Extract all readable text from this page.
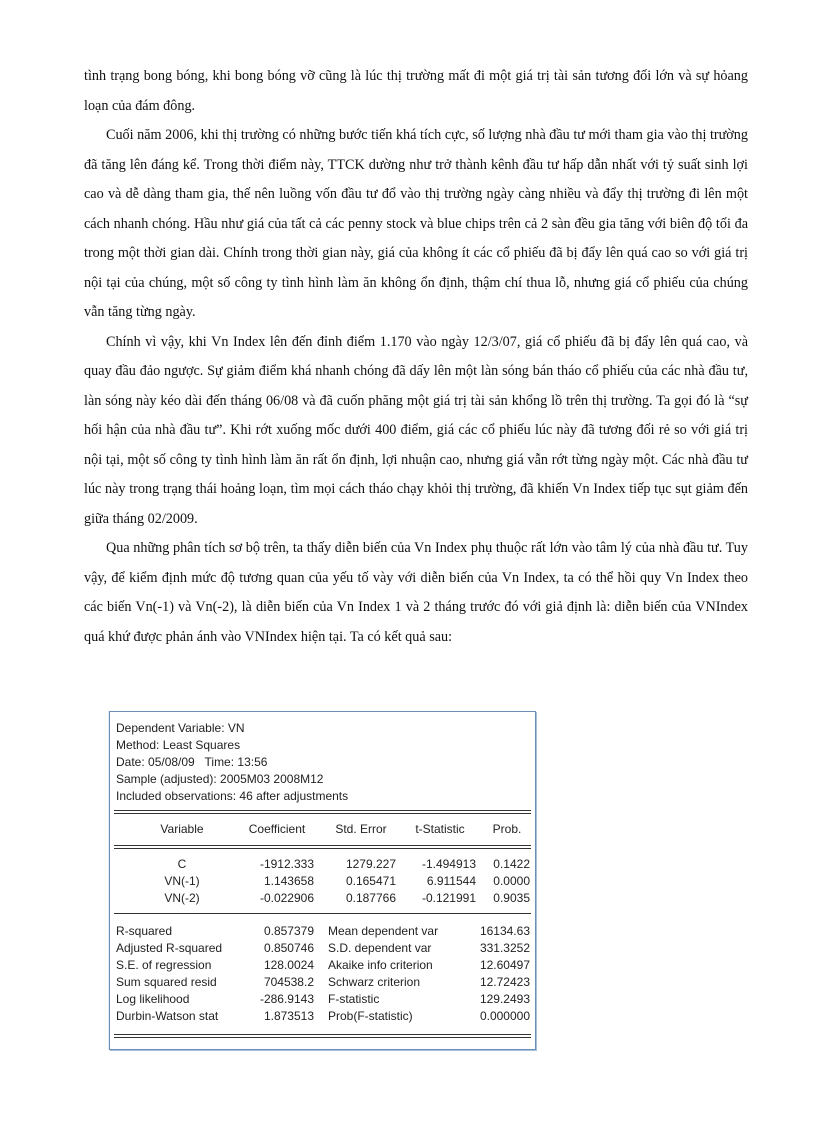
tình trạng bong bóng, khi bong bóng vỡ cũng là lúc thị trường mất đi một giá trị tài sản tương đối lớn và sự hỏang loạn của đám đông.

Cuối năm 2006, khi thị trường có những bước tiến khá tích cực, số lượng nhà đầu tư mới tham gia vào thị trường đã tăng lên đáng kể. Trong thời điểm này, TTCK dường như trở thành kênh đầu tư hấp dẫn nhất với tỷ suất sinh lợi cao và dễ dàng tham gia, thế nên luồng vốn đầu tư đổ vào thị trường ngày càng nhiều và đẩy thị trường đi lên một cách nhanh chóng. Hầu như giá của tất cả các penny stock và blue chips trên cả 2 sàn đều gia tăng với biên độ tối đa trong một thời gian dài. Chính trong thời gian này, giá của không ít các cổ phiếu đã bị đẩy lên quá cao so với giá trị nội tại của chúng, một số công ty tình hình làm ăn không ổn định, thậm chí thua lỗ, nhưng giá cổ phiếu của chúng vẫn tăng từng ngày.

Chính vì vậy, khi Vn Index lên đến đỉnh điểm 1.170 vào ngày 12/3/07, giá cổ phiếu đã bị đẩy lên quá cao, và quay đầu đảo ngược. Sự giảm điểm khá nhanh chóng đã dấy lên một làn sóng bán tháo cổ phiếu của các nhà đầu tư, làn sóng này kéo dài đến tháng 06/08 và đã cuốn phăng một giá trị tài sản khổng lồ trên thị trường. Ta gọi đó là “sự hối hận của nhà đầu tư”. Khi rớt xuống mốc dưới 400 điểm, giá các cổ phiếu lúc này đã tương đối rẻ so với giá trị nội tại, một số công ty tình hình làm ăn rất ổn định, lợi nhuận cao, nhưng giá vẫn rớt từng ngày một. Các nhà đầu tư lúc này trong trạng thái hoảng loạn, tìm mọi cách tháo chạy khỏi thị trường, đã khiến Vn Index tiếp tục sụt giảm đến giữa tháng 02/2009.

Qua những phân tích sơ bộ trên, ta thấy diễn biến của Vn Index phụ thuộc rất lớn vào tâm lý của nhà đầu tư. Tuy vậy, để kiểm định mức độ tương quan của yếu tố vày với diễn biến của Vn Index, ta có thể hồi quy Vn Index theo các biến Vn(-1) và Vn(-2), là diễn biến của Vn Index 1 và 2 tháng trước đó với giả định là: diễn biến của VNIndex quá khứ được phản ánh vào VNIndex hiện tại. Ta có kết quả sau:

Dependent Variable: VN
Method: Least Squares
Date: 05/08/09   Time: 13:56
Sample (adjusted): 2005M03 2008M12
Included observations: 46 after adjustments
Variable	Coefficient	Std. Error	t-Statistic	Prob.
C	-1912.333	1279.227	-1.494913	0.1422
VN(-1)	1.143658	0.165471	6.911544	0.0000
VN(-2)	-0.022906	0.187766	-0.121991	0.9035
R-squared	0.857379 Mean dependent var	16134.63
Adjusted R-squared	0.850746 S.D. dependent var	331.3252
S.E. of regression	128.0024 Akaike info criterion	12.60497
Sum squared resid	704538.2 Schwarz criterion	12.72423
Log likelihood	-286.9143 F-statistic	129.2493
Durbin-Watson stat	1.873513 Prob(F-statistic)	0.000000
